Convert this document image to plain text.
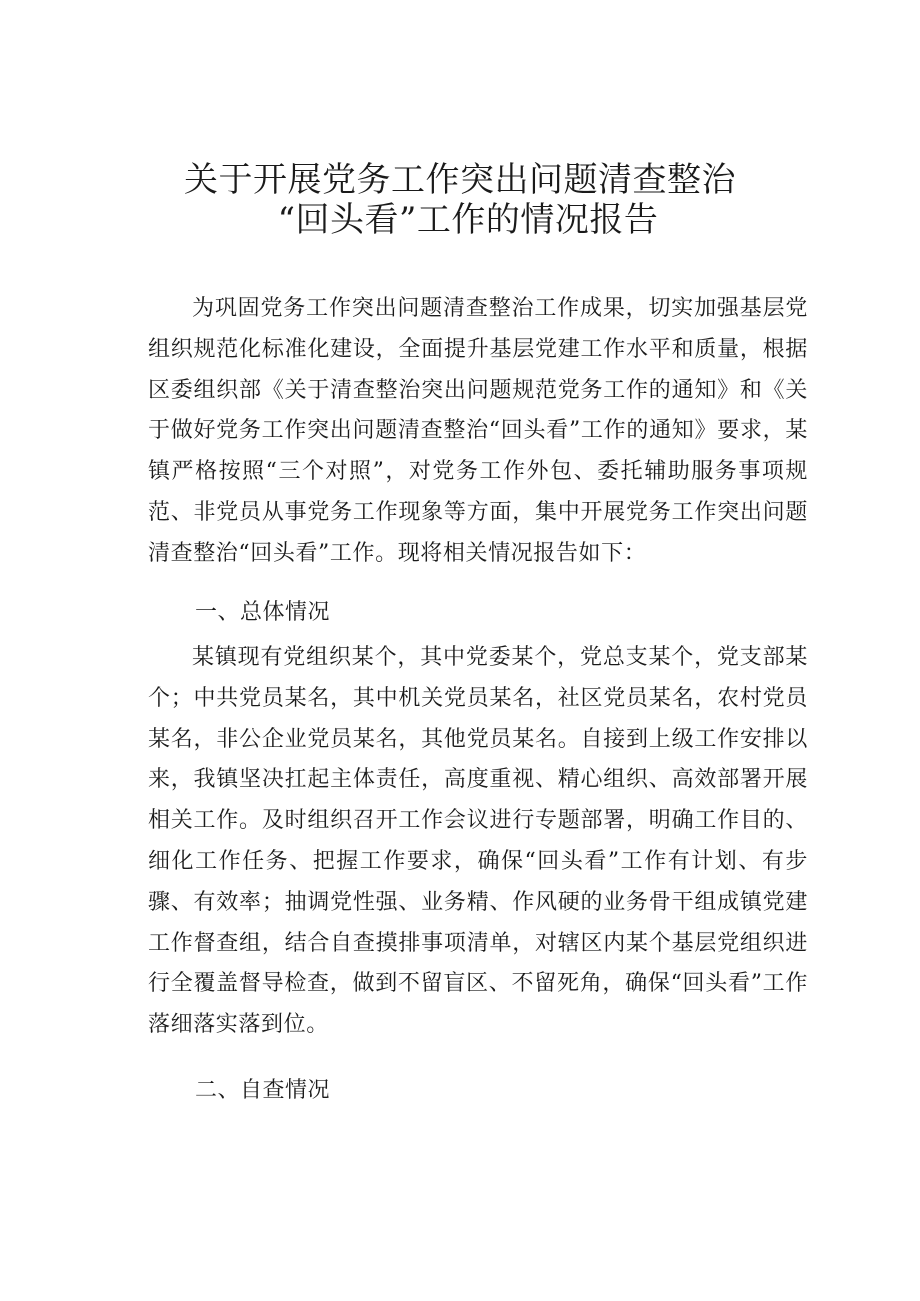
关于开展党务工作突出问题清查整治
“回头看”工作的情况报告

为巩固党务工作突出问题清查整治工作成果，切实加强基层党组织规范化标准化建设，全面提升基层党建工作水平和质量，根据区委组织部《关于清查整治突出问题规范党务工作的通知》和《关于做好党务工作突出问题清查整治“回头看”工作的通知》要求，某镇严格按照“三个对照”，对党务工作外包、委托辅助服务事项规范、非党员从事党务工作现象等方面，集中开展党务工作突出问题清查整治“回头看”工作。现将相关情况报告如下：

一、总体情况

某镇现有党组织某个，其中党委某个，党总支某个，党支部某个；中共党员某名，其中机关党员某名，社区党员某名，农村党员某名，非公企业党员某名，其他党员某名。自接到上级工作安排以来，我镇坚决扛起主体责任，高度重视、精心组织、高效部署开展相关工作。及时组织召开工作会议进行专题部署，明确工作目的、细化工作任务、把握工作要求，确保“回头看”工作有计划、有步骤、有效率；抽调党性强、业务精、作风硬的业务骨干组成镇党建工作督查组，结合自查摸排事项清单，对辖区内某个基层党组织进行全覆盖督导检查，做到不留盲区、不留死角，确保“回头看”工作落细落实落到位。

二、自查情况
